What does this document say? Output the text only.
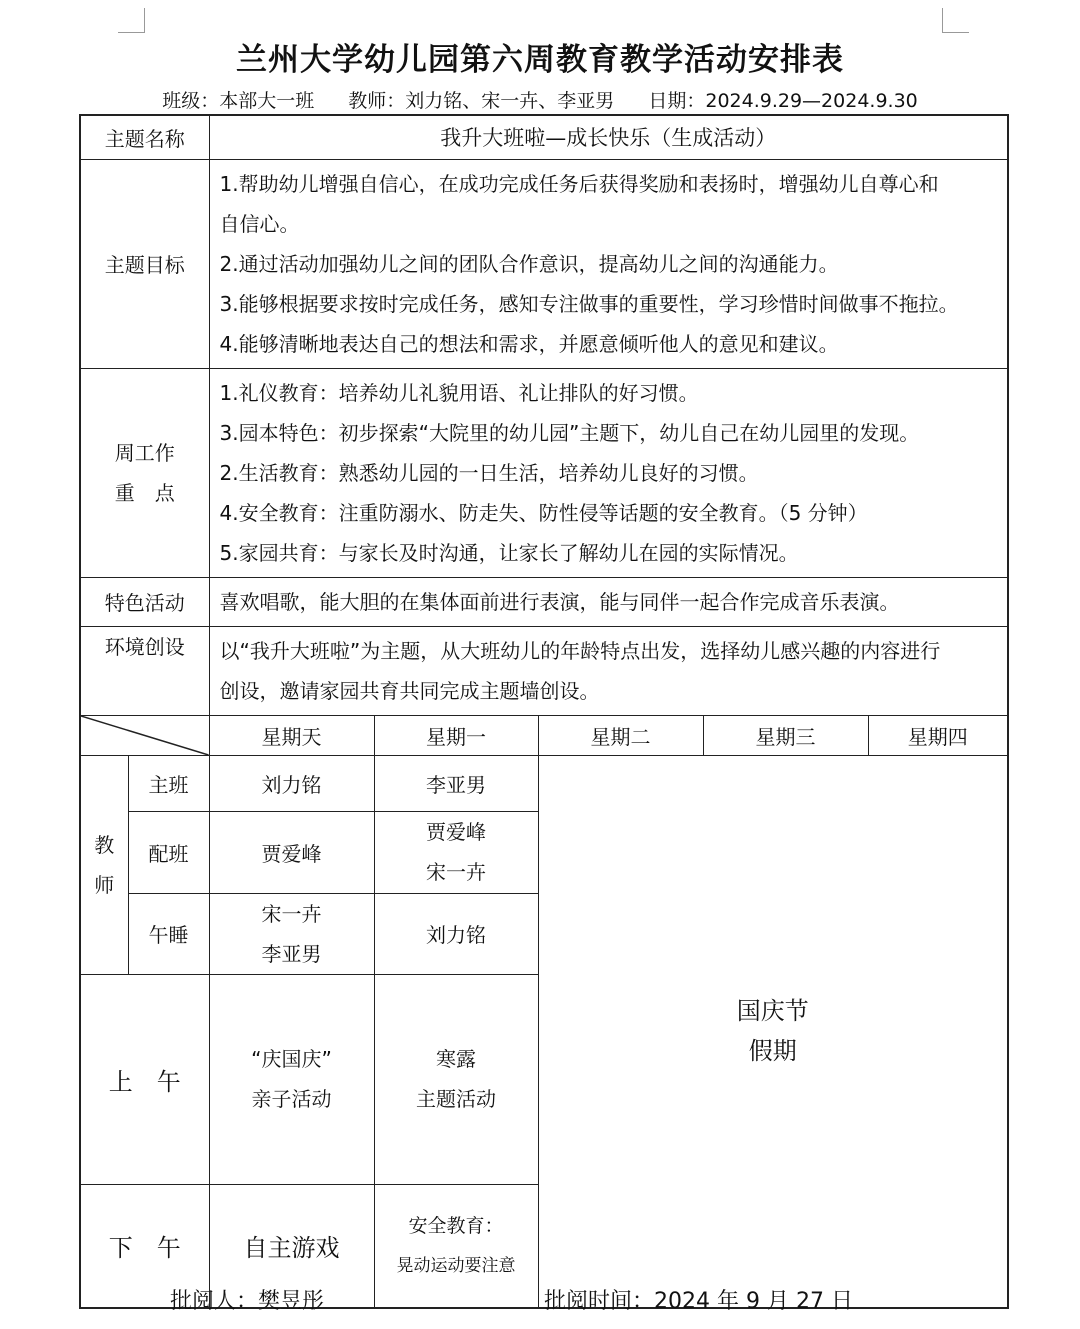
兰州大学幼儿园第六周教育教学活动安排表
班级：本部大一班 教师：刘力铭、宋一卉、李亚男 日期：2024.9.29—2024.9.30
主题名称		我升大班啦—成长快乐（生成活动）				
主题目标		1.帮助幼儿增强自信心，在成功完成任务后获得奖励和表扬时，增强幼儿自尊心和
自信心。
2.通过活动加强幼儿之间的团队合作意识，提高幼儿之间的沟通能力。
3.能够根据要求按时完成任务，感知专注做事的重要性，学习珍惜时间做事不拖拉。
4.能够清晰地表达自己的想法和需求，并愿意倾听他人的意见和建议。				

周工作
重　点		1.礼仪教育：培养幼儿礼貌用语、礼让排队的好习惯。
3.园本特色：初步探索“大院里的幼儿园”主题下，幼儿自己在幼儿园里的发现。
2.生活教育：熟悉幼儿园的一日生活，培养幼儿良好的习惯。
4.安全教育：注重防溺水、防走失、防性侵等话题的安全教育。（5 分钟）
5.家园共育：与家长及时沟通，让家长了解幼儿在园的实际情况。				

特色活动		喜欢唱歌，能大胆的在集体面前进行表演，能与同伴一起合作完成音乐表演。				
环境创设		以“我升大班啦”为主题，从大班幼儿的年龄特点出发，选择幼儿感兴趣的内容进行
创设，邀请家园共育共同完成主题墙创设。				

	星期天	星期一	星期二	星期三	星期四

教
师	主班	刘力铭	李亚男	国庆节
假期		

	配班	贾爱峰	贾爱峰
宋一卉			

	午睡	宋一卉
李亚男	刘力铭			
上　午		“庆国庆”
亲子活动	寒露
主题活动			

下　午		自主游戏	安全教育：
晃动运动要注意			
批阅人：樊昱彤	批阅时间：2024 年 9 月 27 日
